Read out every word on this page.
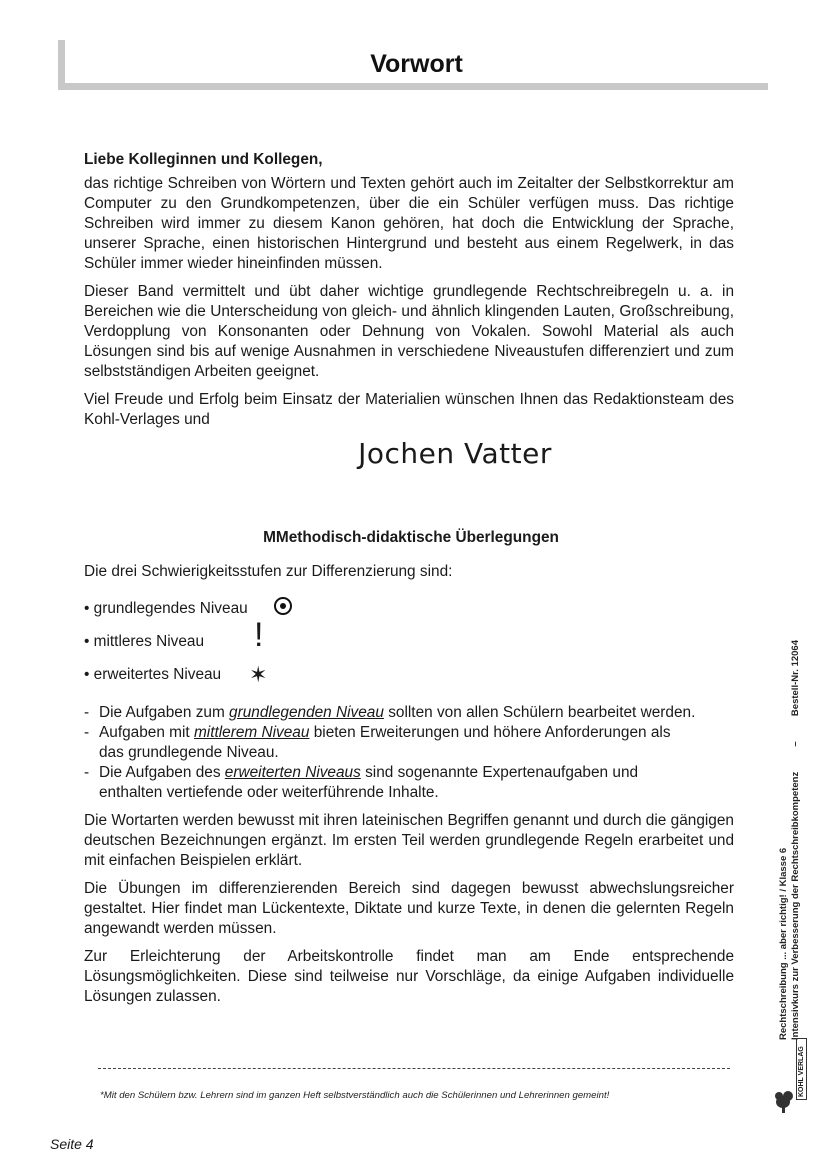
Vorwort
Liebe Kolleginnen und Kollegen,

das richtige Schreiben von Wörtern und Texten gehört auch im Zeitalter der Selbstkorrektur am Computer zu den Grundkompetenzen, über die ein Schüler verfügen muss. Das richtige Schreiben wird immer zu diesem Kanon gehören, hat doch die Entwicklung der Sprache, unserer Sprache, einen historischen Hintergrund und besteht aus einem Regelwerk, in das Schüler immer wieder hineinfinden müssen.

Dieser Band vermittelt und übt daher wichtige grundlegende Rechtschreibregeln u. a. in Bereichen wie die Unterscheidung von gleich- und ähnlich klingenden Lauten, Großschreibung, Verdopplung von Konsonanten oder Dehnung von Vokalen. Sowohl Material als auch Lösungen sind bis auf wenige Ausnahmen in verschiedene Niveaustufen differenziert und zum selbstständigen Arbeiten geeignet.

Viel Freude und Erfolg beim Einsatz der Materialien wünschen Ihnen das Redaktionsteam des Kohl-Verlages und

Jochen Vatter
MMethodisch-didaktische Überlegungen
Die drei Schwierigkeitsstufen zur Differenzierung sind:
• grundlegendes Niveau
• mittleres Niveau	!
• erweitertes Niveau	✶
- Die Aufgaben zum grundlegenden Niveau sollten von allen Schülern bearbeitet werden.
- Aufgaben mit mittlerem Niveau bieten Erweiterungen und höhere Anforderungen als das grundlegende Niveau.
- Die Aufgaben des erweiterten Niveaus sind sogenannte Expertenaufgaben und enthalten vertiefende oder weiterführende Inhalte.

Die Wortarten werden bewusst mit ihren lateinischen Begriffen genannt und durch die gängigen deutschen Bezeichnungen ergänzt. Im ersten Teil werden grundlegende Regeln erarbeitet und mit einfachen Beispielen erklärt.

Die Übungen im differenzierenden Bereich sind dagegen bewusst abwechslungsreicher gestaltet. Hier findet man Lückentexte, Diktate und kurze Texte, in denen die gelernten Regeln angewandt werden müssen.

Zur Erleichterung der Arbeitskontrolle findet man am Ende entsprechende Lösungsmöglichkeiten. Diese sind teilweise nur Vorschläge, da einige Aufgaben individuelle Lösungen zulassen.

*Mit den Schülern bzw. Lehrern sind im ganzen Heft selbstverständlich auch die Schülerinnen und Lehrerinnen gemeint!
Seite 4
Rechtschreibung ... aber richtig! / Klasse 6
Intensivkurs zur Verbesserung der Rechtschreibkompetenz
–
Bestell-Nr. 12064
KOHL VERLAG
